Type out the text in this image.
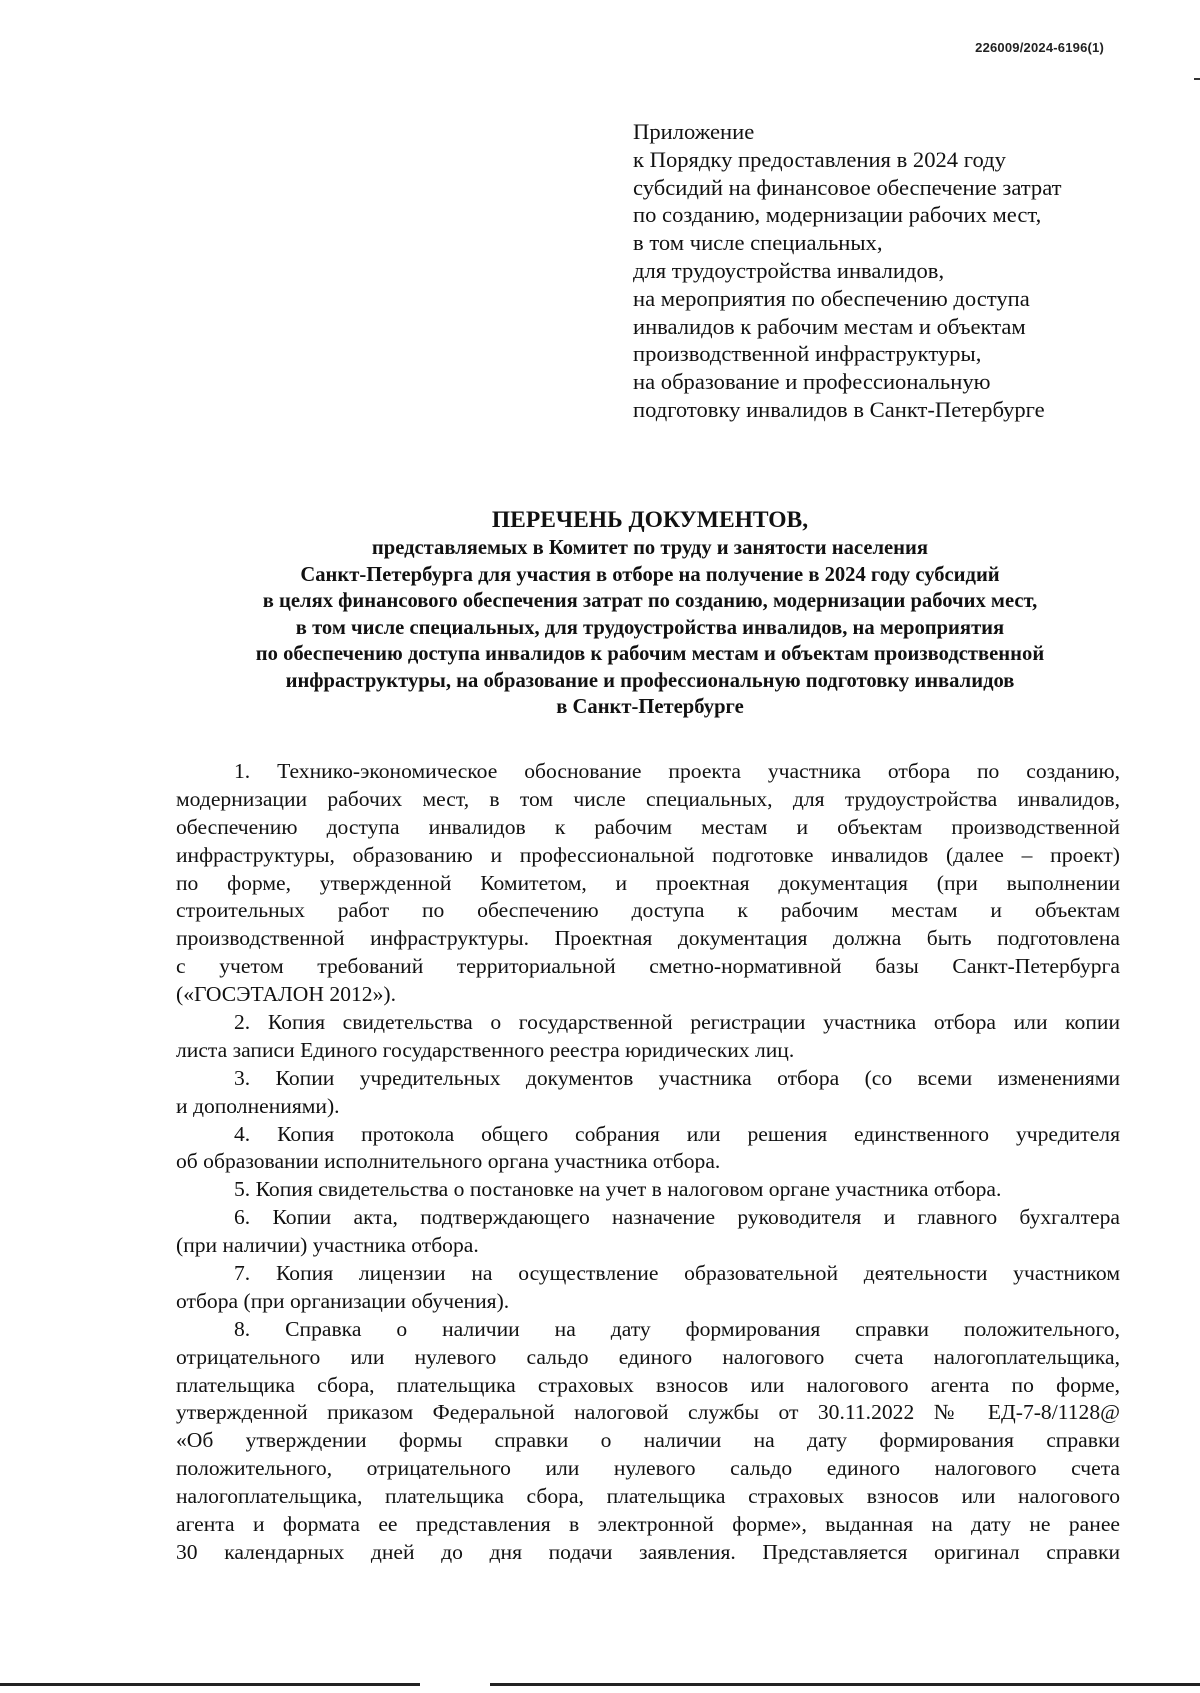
226009/2024-6196(1)
Приложение
к Порядку предоставления в 2024 году
субсидий на финансовое обеспечение затрат
по созданию, модернизации рабочих мест,
в том числе специальных,
для трудоустройства инвалидов,
на мероприятия по обеспечению доступа
инвалидов к рабочим местам и объектам
производственной инфраструктуры,
на образование и профессиональную
подготовку инвалидов в Санкт-Петербурге
ПЕРЕЧЕНЬ ДОКУМЕНТОВ,
представляемых в Комитет по труду и занятости населения
Санкт-Петербурга для участия в отборе на получение в 2024 году субсидий
в целях финансового обеспечения затрат по созданию, модернизации рабочих мест,
в том числе специальных, для трудоустройства инвалидов, на мероприятия
по обеспечению доступа инвалидов к рабочим местам и объектам производственной
инфраструктуры, на образование и профессиональную подготовку инвалидов
в Санкт-Петербурге
1. Технико-экономическое обоснование проекта участника отбора по созданию,
модернизации рабочих мест, в том числе специальных, для трудоустройства инвалидов,
обеспечению доступа инвалидов к рабочим местам и объектам производственной
инфраструктуры, образованию и профессиональной подготовке инвалидов (далее – проект)
по форме, утвержденной Комитетом, и проектная документация (при выполнении
строительных работ по обеспечению доступа к рабочим местам и объектам
производственной инфраструктуры. Проектная документация должна быть подготовлена
с учетом требований территориальной сметно-нормативной базы Санкт-Петербурга
(«ГОСЭТАЛОН 2012»).
2. Копия свидетельства о государственной регистрации участника отбора или копии
листа записи Единого государственного реестра юридических лиц.
3. Копии учредительных документов участника отбора (со всеми изменениями
и дополнениями).
4. Копия протокола общего собрания или решения единственного учредителя
об образовании исполнительного органа участника отбора.
5. Копия свидетельства о постановке на учет в налоговом органе участника отбора.
6. Копии акта, подтверждающего назначение руководителя и главного бухгалтера
(при наличии) участника отбора.
7. Копия лицензии на осуществление образовательной деятельности участником
отбора (при организации обучения).
8. Справка о наличии на дату формирования справки положительного,
отрицательного или нулевого сальдо единого налогового счета налогоплательщика,
плательщика сбора, плательщика страховых взносов или налогового агента по форме,
утвержденной приказом Федеральной налоговой службы от 30.11.2022 № ЕД-7-8/1128@
«Об утверждении формы справки о наличии на дату формирования справки
положительного, отрицательного или нулевого сальдо единого налогового счета
налогоплательщика, плательщика сбора, плательщика страховых взносов или налогового
агента и формата ее представления в электронной форме», выданная на дату не ранее
30 календарных дней до дня подачи заявления. Представляется оригинал справки
